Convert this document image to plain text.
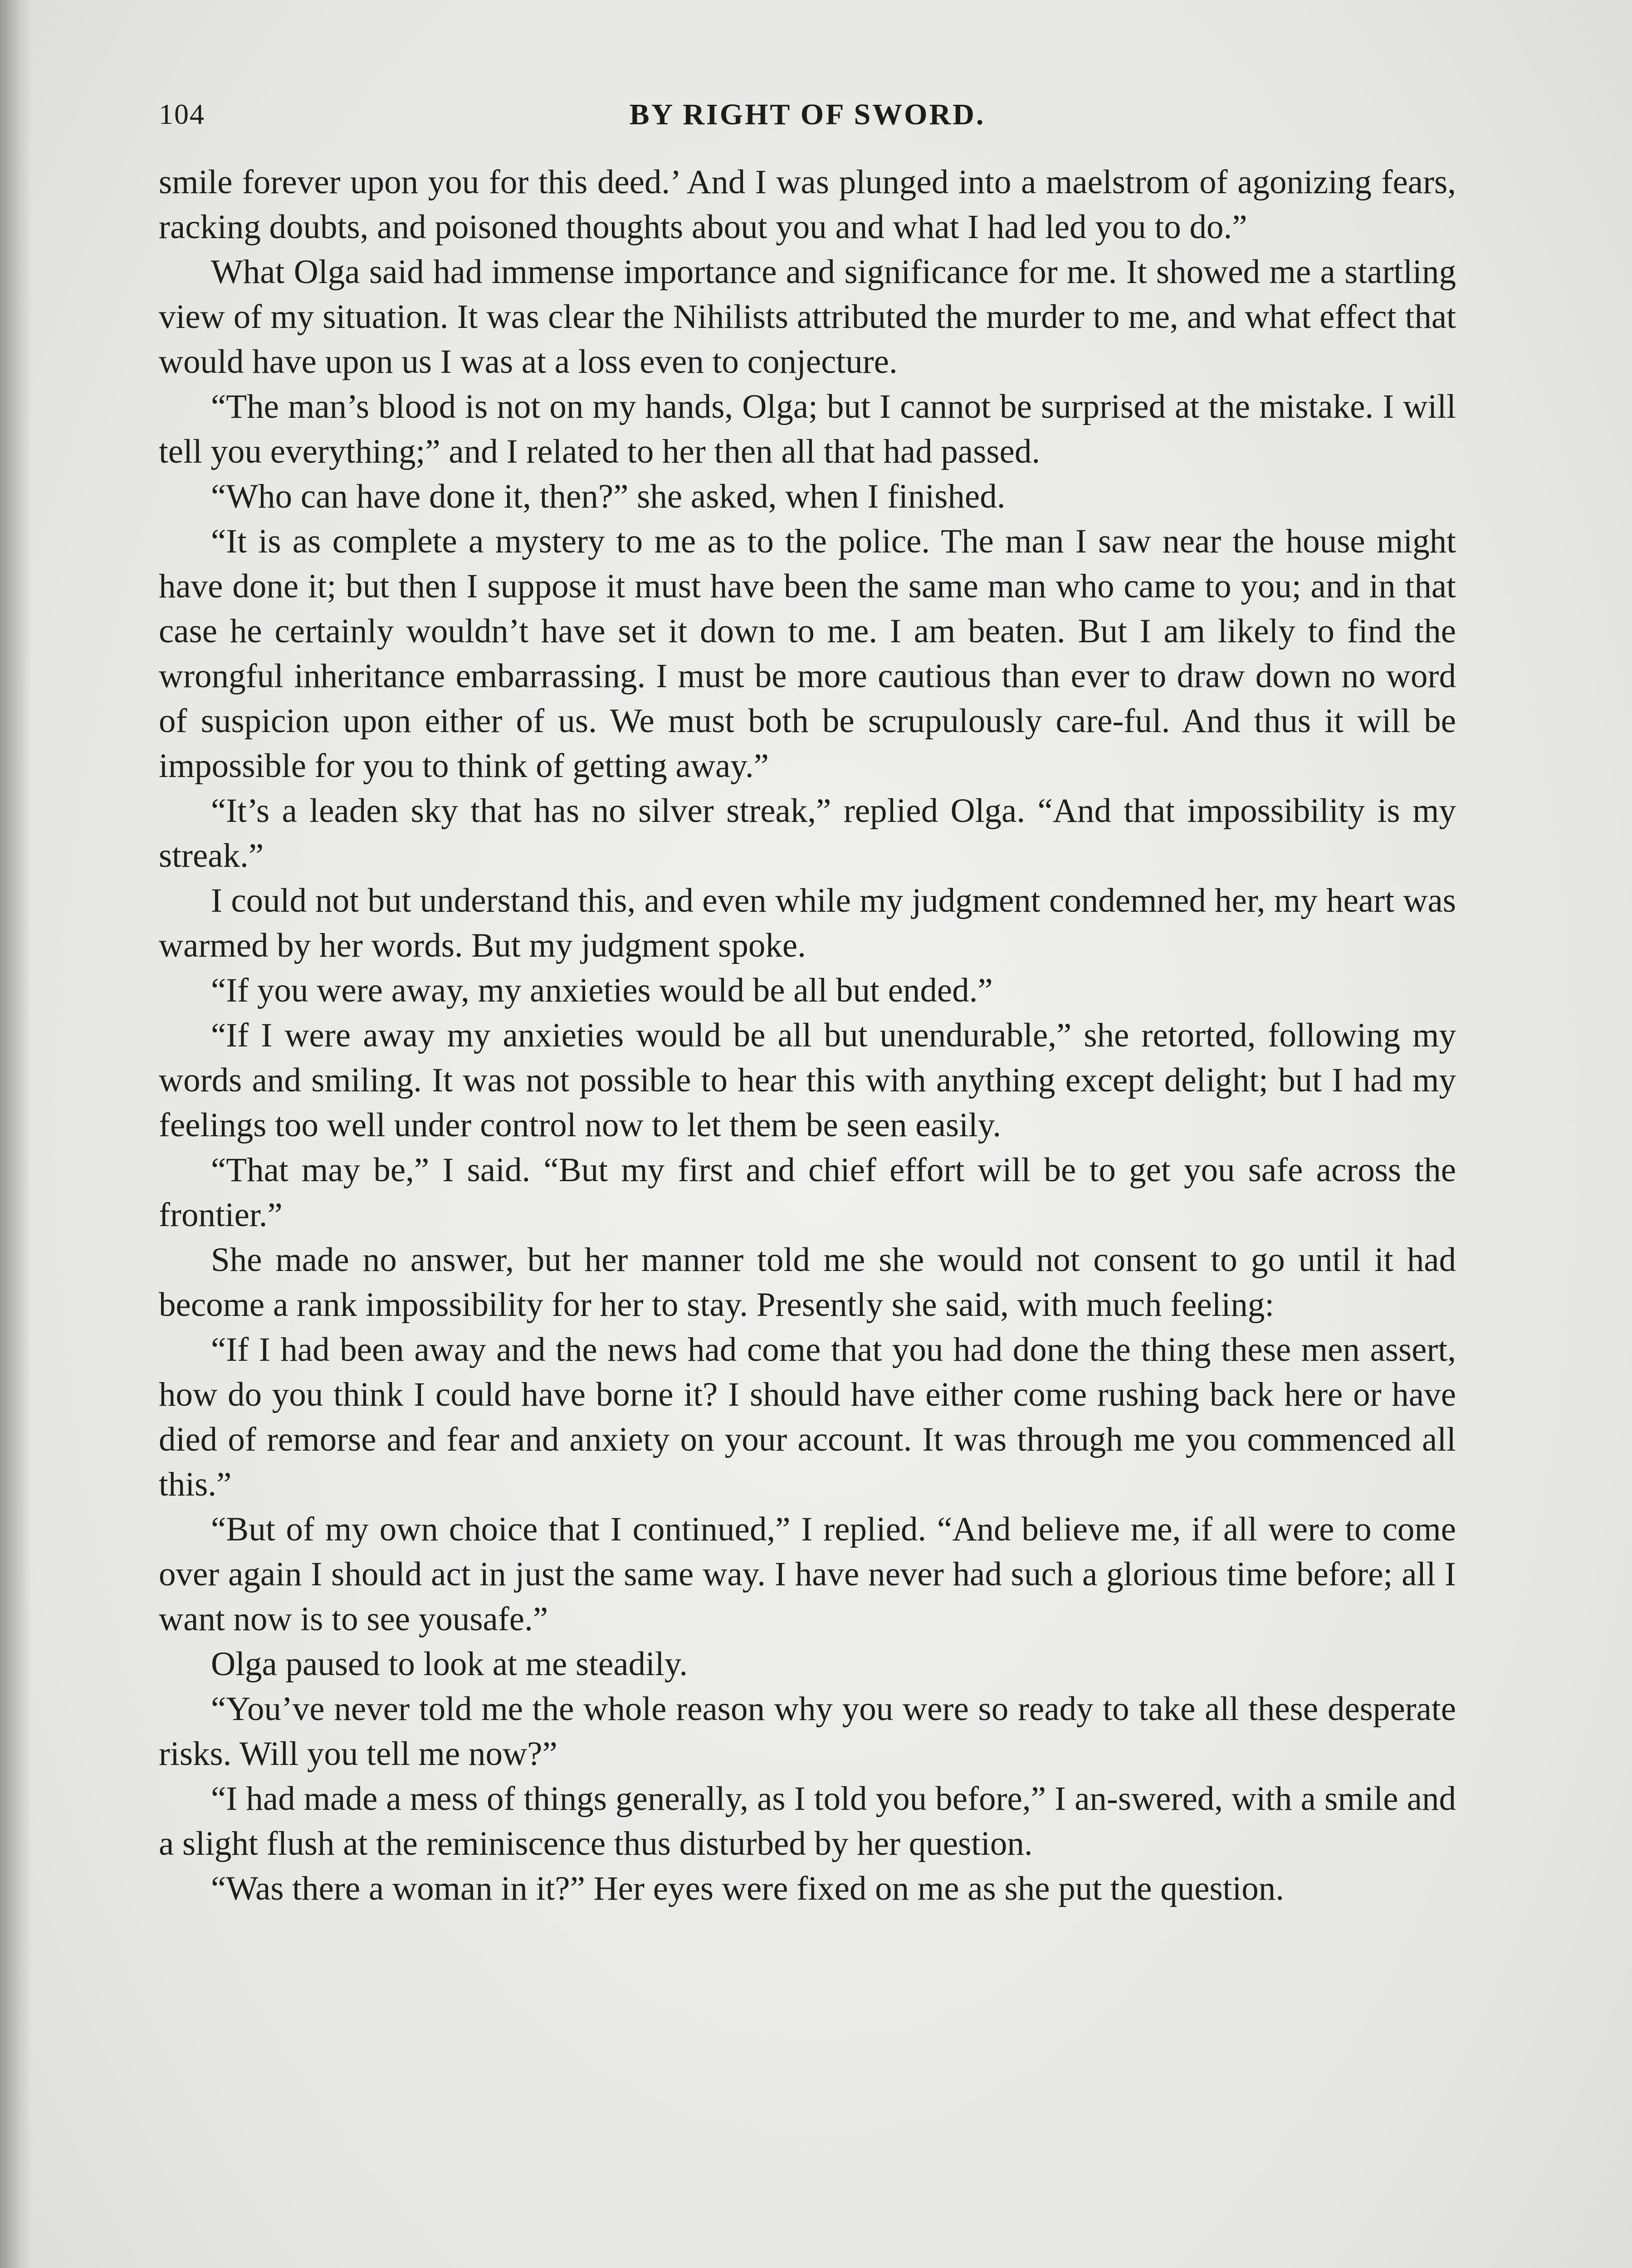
104	BY RIGHT OF SWORD.

smile forever upon you for this deed.’ And I was plunged into a maelstrom of agonizing fears, racking doubts, and poisoned thoughts about you and what I had led you to do.”

What Olga said had immense importance and significance for me. It showed me a startling view of my situation. It was clear the Nihilists attributed the murder to me, and what effect that would have upon us I was at a loss even to conjecture.

“The man’s blood is not on my hands, Olga; but I cannot be surprised at the mistake. I will tell you everything;” and I related to her then all that had passed.

“Who can have done it, then?” she asked, when I finished.

“It is as complete a mystery to me as to the police. The man I saw near the house might have done it; but then I suppose it must have been the same man who came to you; and in that case he certainly wouldn’t have set it down to me. I am beaten. But I am likely to find the wrongful inheritance embarrassing. I must be more cautious than ever to draw down no word of suspicion upon either of us. We must both be scrupulously care-ful. And thus it will be impossible for you to think of getting away.”

“It’s a leaden sky that has no silver streak,” replied Olga. “And that impossibility is my streak.”

I could not but understand this, and even while my judgment condemned her, my heart was warmed by her words. But my judgment spoke.

“If you were away, my anxieties would be all but ended.”

“If I were away my anxieties would be all but unendurable,” she retorted, following my words and smiling. It was not possible to hear this with anything except delight; but I had my feelings too well under control now to let them be seen easily.

“That may be,” I said. “But my first and chief effort will be to get you safe across the frontier.”

She made no answer, but her manner told me she would not consent to go until it had become a rank impossibility for her to stay. Presently she said, with much feeling:

“If I had been away and the news had come that you had done the thing these men assert, how do you think I could have borne it? I should have either come rushing back here or have died of remorse and fear and anxiety on your account. It was through me you commenced all this.”

“But of my own choice that I continued,” I replied. “And believe me, if all were to come over again I should act in just the same way. I have never had such a glorious time before; all I want now is to see yousafe.”

Olga paused to look at me steadily.

“You’ve never told me the whole reason why you were so ready to take all these desperate risks. Will you tell me now?”

“I had made a mess of things generally, as I told you before,” I an-swered, with a smile and a slight flush at the reminiscence thus disturbed by her question.

“Was there a woman in it?” Her eyes were fixed on me as she put the question.
